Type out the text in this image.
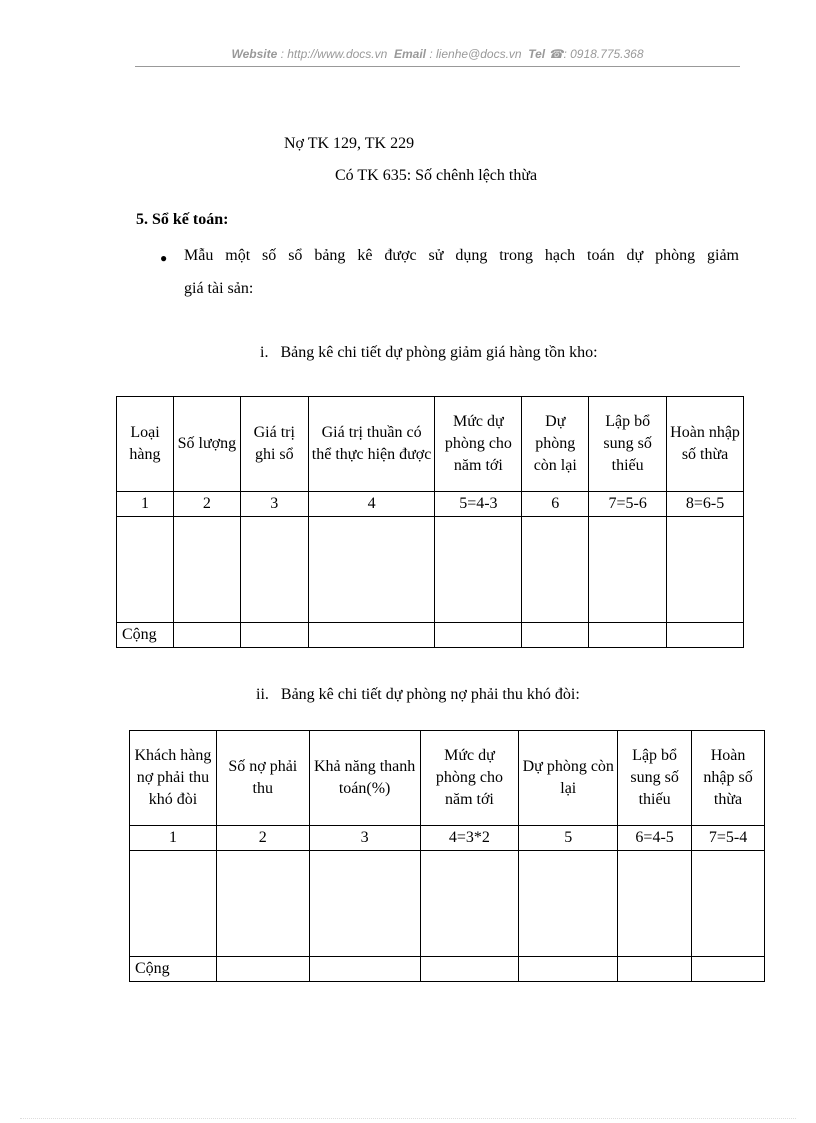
Website : http://www.docs.vn Email : lienhe@docs.vn Tel ☎: 0918.775.368
Nợ TK 129, TK 229
Có TK 635: Số chênh lệch thừa
5. Sổ kế toán:
● Mẫu một số sổ bảng kê được sử dụng trong hạch toán dự phòng giảm
giá tài sản:
i.   Bảng kê chi tiết dự phòng giảm giá hàng tồn kho:
Loại hàng	Số lượng	Giá trị ghi sổ	Giá trị thuần có thể thực hiện được	Mức dự phòng cho năm tới	Dự phòng còn lại	Lập bổ sung số thiếu	Hoàn nhập số thừa
1	2	3	4	5=4-3	6	7=5-6	8=6-5

Cộng							
ii.   Bảng kê chi tiết dự phòng nợ phải thu khó đòi:
Khách hàng nợ phải thu khó đòi	Số nợ phải thu	Khả năng thanh toán(%)	Mức dự phòng cho năm tới	Dự phòng còn lại	Lập bổ sung số thiếu	Hoàn nhập số thừa
1	2	3	4=3*2	5	6=4-5	7=5-4

Cộng						
